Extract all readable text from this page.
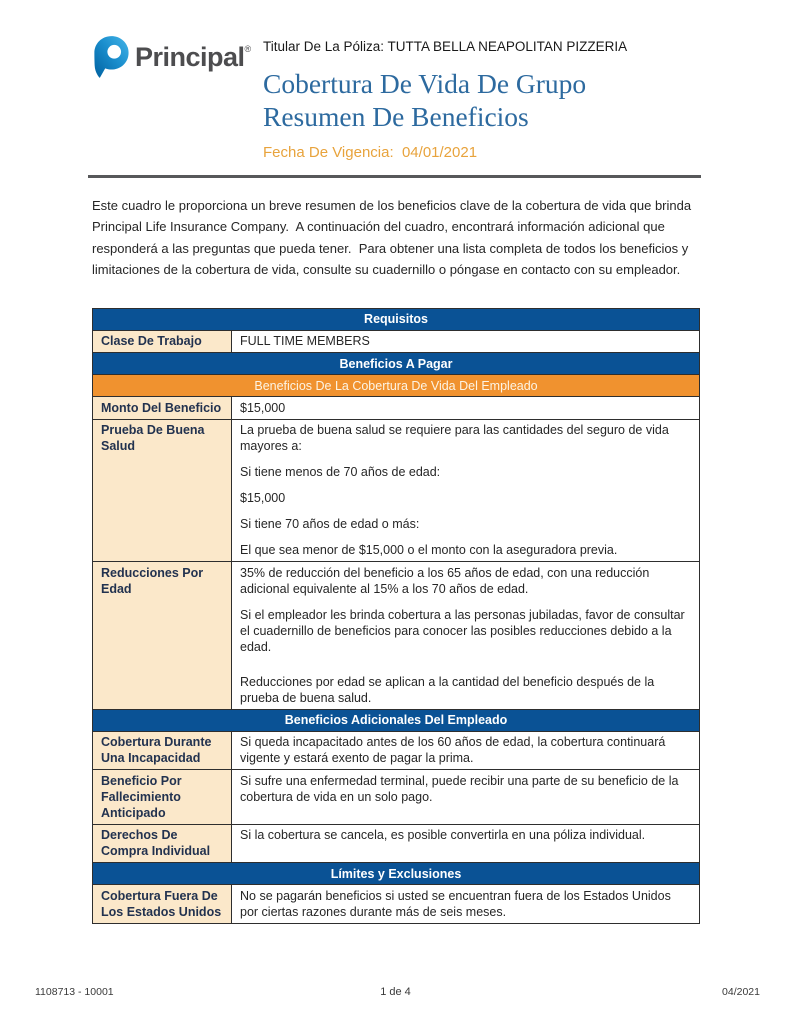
Principal® Titular De La Póliza: TUTTA BELLA NEAPOLITAN PIZZERIA
Cobertura De Vida De Grupo
Resumen De Beneficios
Fecha De Vigencia:  04/01/2021

Este cuadro le proporciona un breve resumen de los beneficios clave de la cobertura de vida que brinda Principal Life Insurance Company.  A continuación del cuadro, encontrará información adicional que responderá a las preguntas que pueda tener.  Para obtener una lista completa de todos los beneficios y limitaciones de la cobertura de vida, consulte su cuadernillo o póngase en contacto con su empleador.

Requisitos	
Clase De Trabajo	FULL TIME MEMBERS
Beneficios A Pagar	
Beneficios De La Cobertura De Vida Del Empleado	
Monto Del Beneficio	$15,000
Prueba De Buena Salud	La prueba de buena salud se requiere para las cantidades del seguro de vida mayores a:

Si tiene menos de 70 años de edad:

$15,000

Si tiene 70 años de edad o más:

El que sea menor de $15,000 o el monto con la aseguradora previa.

Reducciones Por Edad	35% de reducción del beneficio a los 65 años de edad, con una reducción adicional equivalente al 15% a los 70 años de edad.

Si el empleador les brinda cobertura a las personas jubiladas, favor de consultar el cuadernillo de beneficios para conocer las posibles reducciones debido a la edad.

Reducciones por edad se aplican a la cantidad del beneficio después de la prueba de buena salud.

Beneficios Adicionales Del Empleado	
Cobertura Durante Una Incapacidad	Si queda incapacitado antes de los 60 años de edad, la cobertura continuará vigente y estará exento de pagar la prima.
Beneficio Por Fallecimiento Anticipado	Si sufre una enfermedad terminal, puede recibir una parte de su beneficio de la cobertura de vida en un solo pago.
Derechos De Compra Individual	Si la cobertura se cancela, es posible convertirla en una póliza individual.
Límites y Exclusiones	
Cobertura Fuera De Los Estados Unidos	No se pagarán beneficios si usted se encuentran fuera de los Estados Unidos por ciertas razones durante más de seis meses.
1108713 - 10001	1 de 4	04/2021
